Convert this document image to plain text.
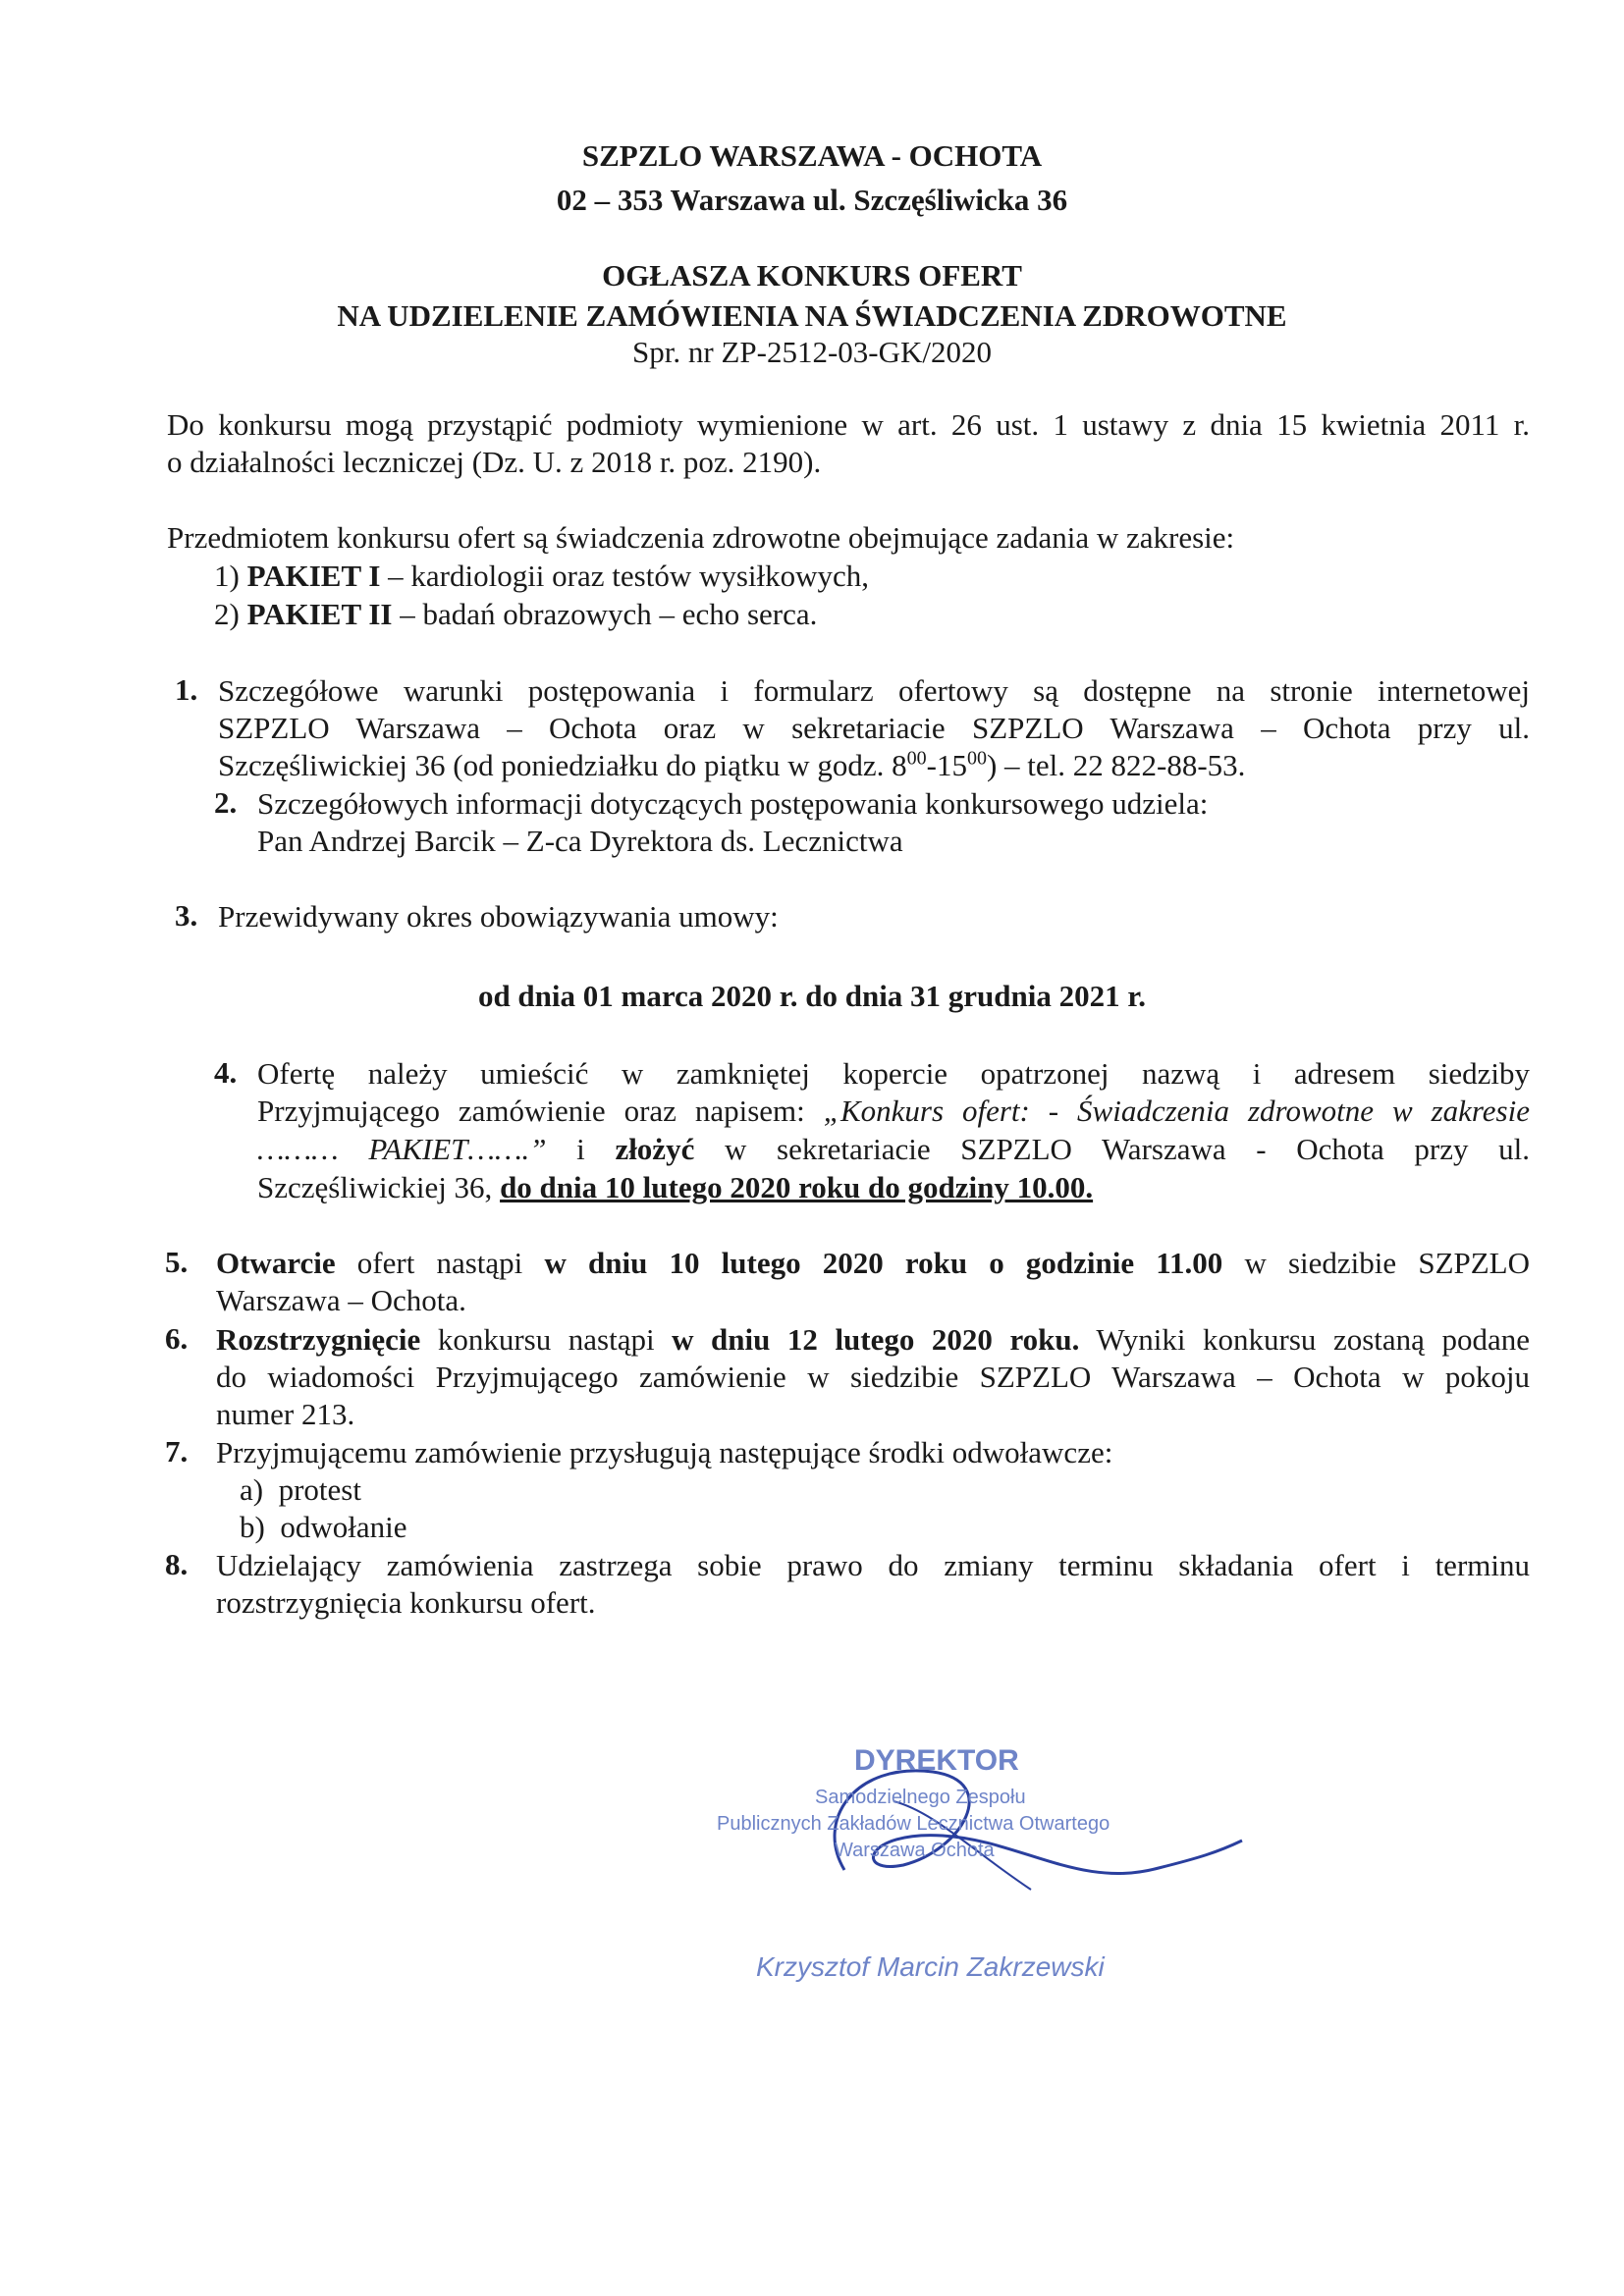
SZPZLO WARSZAWA - OCHOTA
02 – 353 Warszawa ul. Szczęśliwicka 36
OGŁASZA KONKURS OFERT
NA UDZIELENIE ZAMÓWIENIA NA ŚWIADCZENIA ZDROWOTNE
Spr. nr ZP-2512-03-GK/2020
Do konkursu mogą przystąpić podmioty wymienione w art. 26 ust. 1 ustawy z dnia 15 kwietnia 2011 r.
o działalności leczniczej (Dz. U. z 2018 r. poz. 2190).
Przedmiotem konkursu ofert są świadczenia zdrowotne obejmujące zadania w zakresie:
1) PAKIET I – kardiologii oraz testów wysiłkowych,
2) PAKIET II – badań obrazowych – echo serca.
1. Szczegółowe warunki postępowania i formularz ofertowy są dostępne na stronie internetowej
SZPZLO Warszawa – Ochota oraz w sekretariacie SZPZLO Warszawa – Ochota przy ul.
Szczęśliwickiej 36 (od poniedziałku do piątku w godz. $8^{00}-15^{00}$) – tel. 22 822-88-53.
2. Szczegółowych informacji dotyczących postępowania konkursowego udziela:
Pan Andrzej Barcik – Z-ca Dyrektora ds. Lecznictwa
3. Przewidywany okres obowiązywania umowy:
od dnia 01 marca 2020 r. do dnia 31 grudnia 2021 r.
4. Ofertę należy umieścić w zamkniętej kopercie opatrzonej nazwą i adresem siedziby
Przyjmującego zamówienie oraz napisem: „Konkurs ofert: - Świadczenia zdrowotne w zakresie
……… PAKIET…….” i złożyć w sekretariacie SZPZLO Warszawa - Ochota przy ul.
Szczęśliwickiej 36, do dnia 10 lutego 2020 roku do godziny 10.00.
5. Otwarcie ofert nastąpi w dniu 10 lutego 2020 roku o godzinie 11.00 w siedzibie SZPZLO
Warszawa – Ochota.
6. Rozstrzygnięcie konkursu nastąpi w dniu 12 lutego 2020 roku. Wyniki konkursu zostaną podane
do wiadomości Przyjmującego zamówienie w siedzibie SZPZLO Warszawa – Ochota w pokoju
numer 213.
7. Przyjmującemu zamówienie przysługują następujące środki odwoławcze:
a) protest
b) odwołanie
8. Udzielający zamówienia zastrzega sobie prawo do zmiany terminu składania ofert i terminu
rozstrzygnięcia konkursu ofert.
DYREKTOR
Samodzielnego Zespołu
Publicznych Zakładów Lecznictwa Otwartego
Warszawa Ochota
Krzysztof Marcin Zakrzewski
